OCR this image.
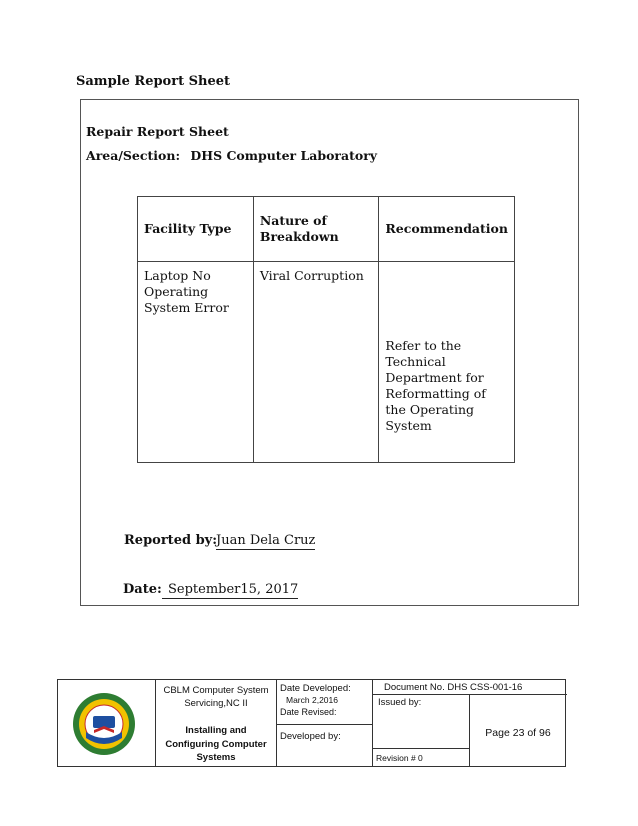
Sample Report Sheet
Repair Report Sheet
Area/Section: DHS Computer Laboratory
Facility Type	Nature of Breakdown	Recommendation
Laptop No Operating System Error	Viral Corruption	Refer to the Technical Department for Reformatting of the Operating System
Reported by:
Juan Dela Cruz
Date: September15, 2017
CBLM Computer System
Servicing,NC II
Installing and
Configuring Computer
Systems
Date Developed:
March 2,2016
Date Revised:
Developed by:
Document No. DHS CSS-001-16
Issued by:
Revision # 0
Page 23 of 96
